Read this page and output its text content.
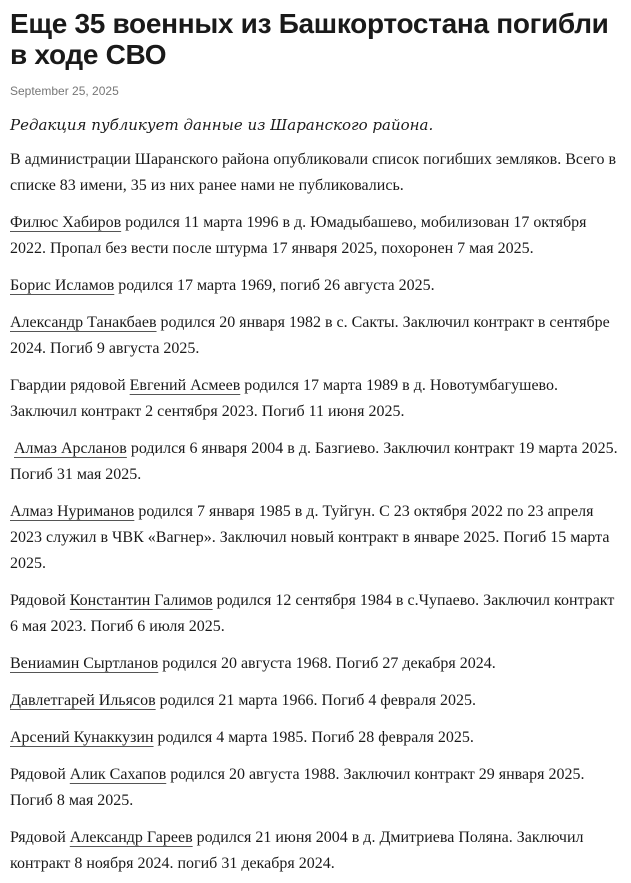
Еще 35 военных из Башкортостана погибли в ходе СВО
September 25, 2025

Редакция публикует данные из Шаранского района.

В администрации Шаранского района опубликовали список погибших земляков. Всего в списке 83 имени, 35 из них ранее нами не публиковались.

Филюс Хабиров родился 11 марта 1996 в д. Юмадыбашево, мобилизован 17 октября 2022. Пропал без вести после штурма 17 января 2025, похоронен 7 мая 2025.

Борис Исламов родился 17 марта 1969, погиб 26 августа 2025.

Александр Танакбаев родился 20 января 1982 в с. Сакты. Заключил контракт в сентябре 2024. Погиб 9 августа 2025.

Гвардии рядовой Евгений Асмеев родился 17 марта 1989 в д. Новотумбагушево. Заключил контракт 2 сентября 2023. Погиб 11 июня 2025.

Алмаз Арсланов родился 6 января 2004 в д. Базгиево. Заключил контракт 19 марта 2025. Погиб 31 мая 2025.

Алмаз Нуриманов родился 7 января 1985 в д. Туйгун. С 23 октября 2022 по 23 апреля 2023 служил в ЧВК «Вагнер». Заключил новый контракт в январе 2025. Погиб 15 марта 2025.

Рядовой Константин Галимов родился 12 сентября 1984 в с.Чупаево. Заключил контракт 6 мая 2023. Погиб 6 июля 2025.

Вениамин Сыртланов родился 20 августа 1968. Погиб 27 декабря 2024.

Давлетгарей Ильясов родился 21 марта 1966. Погиб 4 февраля 2025.

Арсений Кунаккузин родился 4 марта 1985. Погиб 28 февраля 2025.

Рядовой Алик Сахапов родился 20 августа 1988. Заключил контракт 29 января 2025. Погиб 8 мая 2025.

Рядовой Александр Гареев родился 21 июня 2004 в д. Дмитриева Поляна. Заключил контракт 8 ноября 2024. погиб 31 декабря 2024.
